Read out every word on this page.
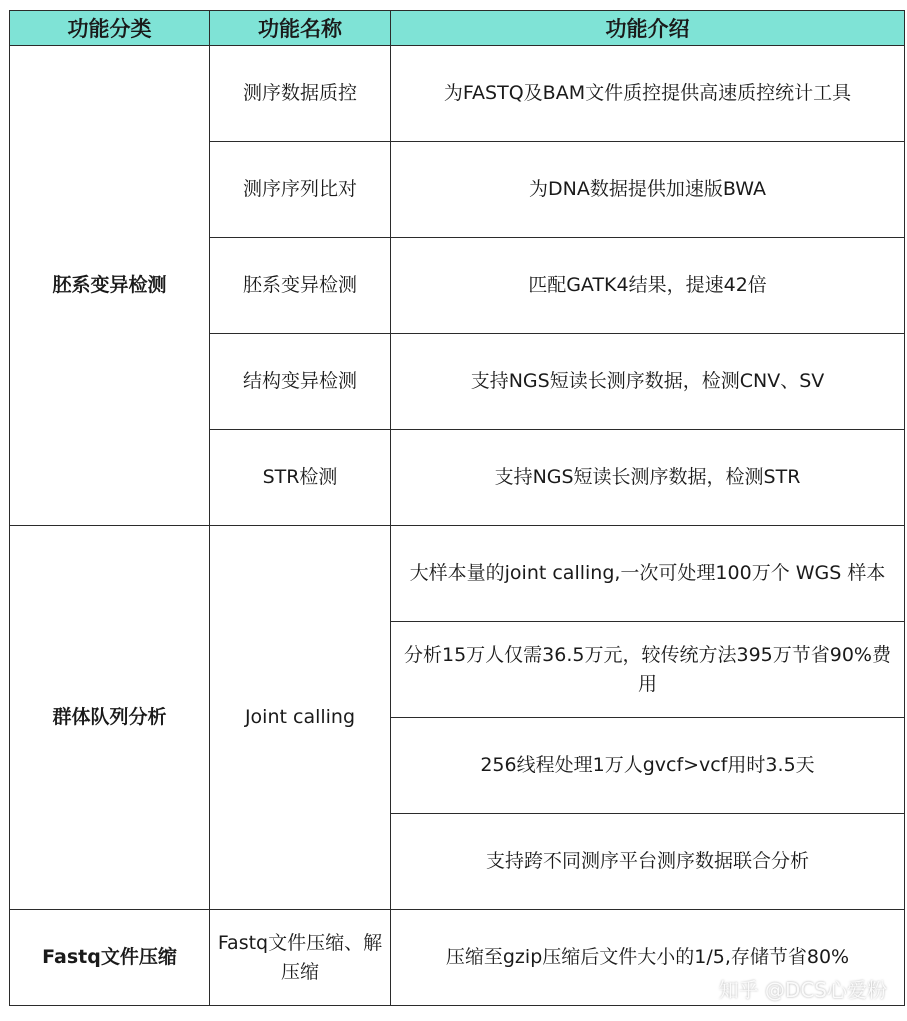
功能分类	功能名称	功能介绍
胚系变异检测	测序数据质控	为FASTQ及BAM文件质控提供高速质控统计工具
	测序序列比对	为DNA数据提供加速版BWA
	胚系变异检测	匹配GATK4结果，提速42倍
	结构变异检测	支持NGS短读长测序数据，检测CNV、SV
	STR检测	支持NGS短读长测序数据，检测STR
群体队列分析	Joint calling	大样本量的joint calling,一次可处理100万个 WGS 样本
		分析15万人仅需36.5万元，较传统方法395万节省90%费用
		256线程处理1万人gvcf>vcf用时3.5天
		支持跨不同测序平台测序数据联合分析
Fastq文件压缩	Fastq文件压缩、解压缩	压缩至gzip压缩后文件大小的1/5,存储节省80%
知乎 @DCS心爱粉
